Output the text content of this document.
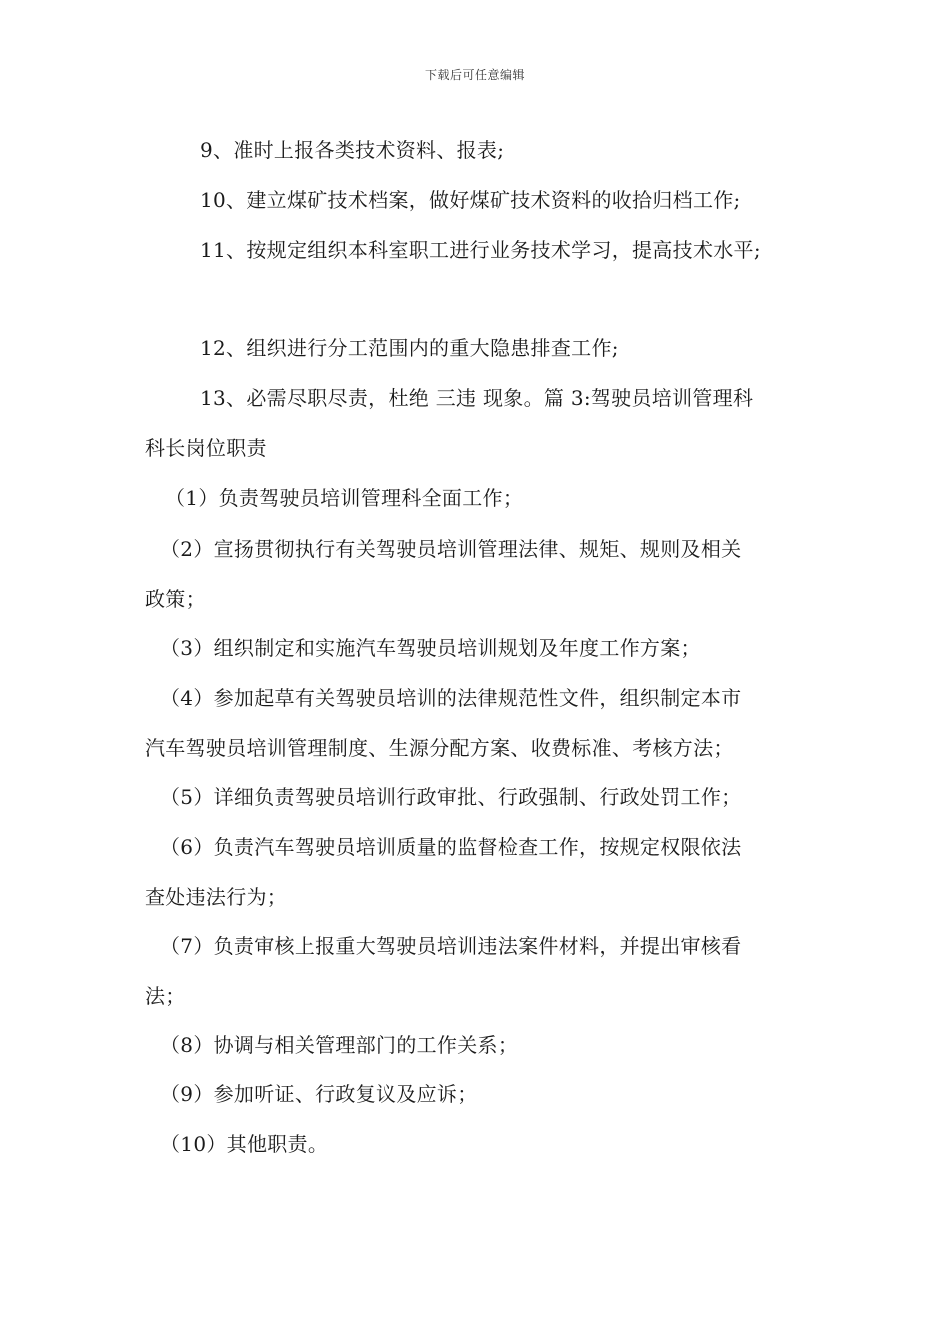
下载后可任意编辑
9、准时上报各类技术资料、报表;
10、建立煤矿技术档案，做好煤矿技术资料的收拾归档工作;
11、按规定组织本科室职工进行业务技术学习，提高技术水平;
12、组织进行分工范围内的重大隐患排查工作;
13、必需尽职尽责，杜绝 三违 现象。篇 3:驾驶员培训管理科
科长岗位职责
（1）负责驾驶员培训管理科全面工作；
（2）宣扬贯彻执行有关驾驶员培训管理法律、规矩、规则及相关
政策；
（3）组织制定和实施汽车驾驶员培训规划及年度工作方案；
（4）参加起草有关驾驶员培训的法律规范性文件，组织制定本市
汽车驾驶员培训管理制度、生源分配方案、收费标准、考核方法；
（5）详细负责驾驶员培训行政审批、行政强制、行政处罚工作；
（6）负责汽车驾驶员培训质量的监督检查工作，按规定权限依法
查处违法行为；
（7）负责审核上报重大驾驶员培训违法案件材料，并提出审核看
法；
（8）协调与相关管理部门的工作关系；
（9）参加听证、行政复议及应诉；
（10）其他职责。
